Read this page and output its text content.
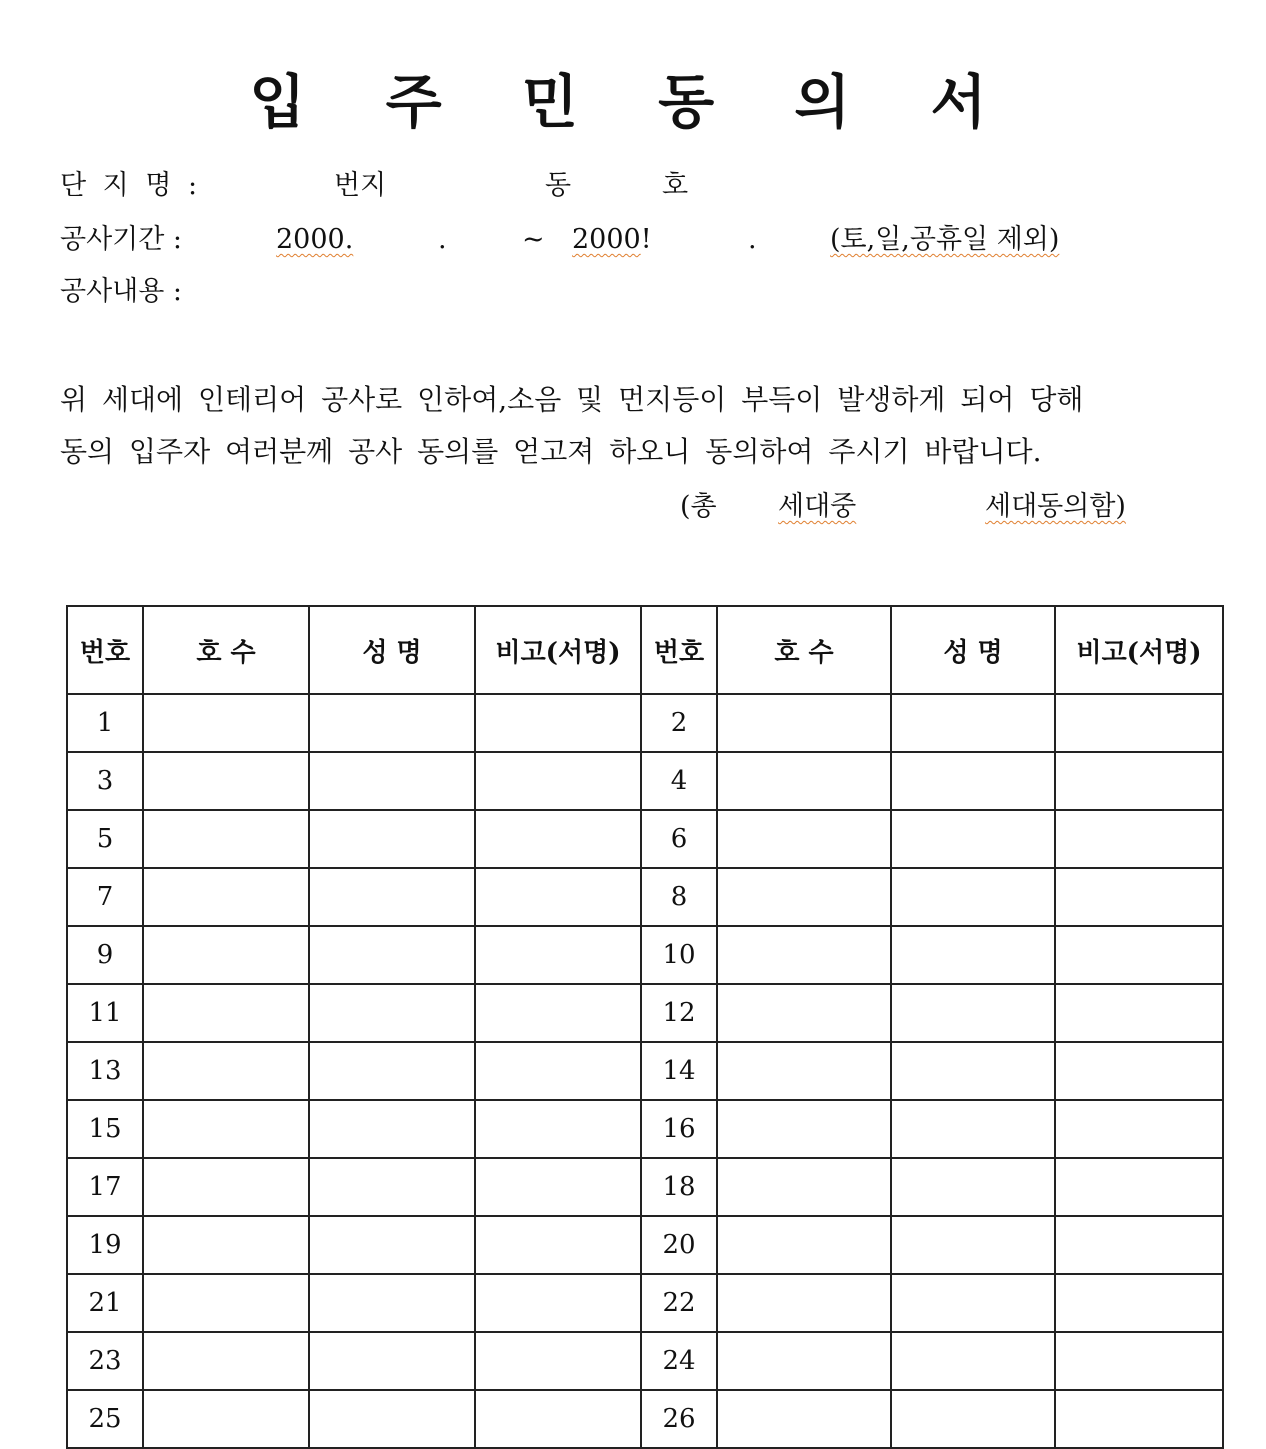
입 주 민 동 의 서
단 지 명 :	번지	동	호
공사기간 :	2000.	.	~ 2000!	.	(토,일,공휴일 제외)
공사내용 :
위 세대에 인테리어 공사로 인하여,소음 및 먼지등이 부득이 발생하게 되어 당해
동의 입주자 여러분께 공사 동의를 얻고져 하오니 동의하여 주시기 바랍니다.
(총 세대중	세대동의함)
번호	호 수	성 명	비고(서명)	번호	호 수	성 명	비고(서명)
1				2			
3				4			
5				6			
7				8			
9				10			
11				12			
13				14			
15				16			
17				18			
19				20			
21				22			
23				24			
25				26			
